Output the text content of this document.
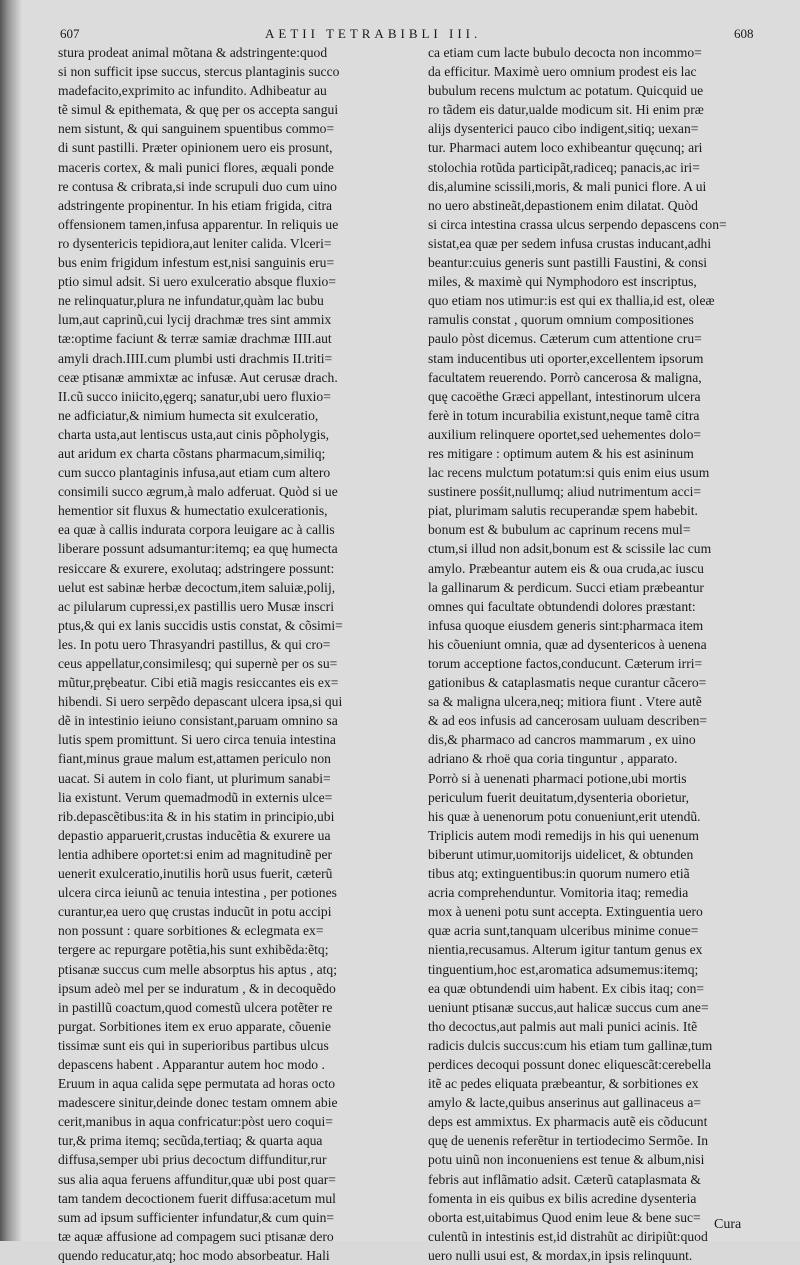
607	AETII TETRABIBLI III.	608
stura prodeat animal mõtana & adstringente:quod
si non sufficit ipse succus, stercus plantaginis succo
madefacito,exprimito ac infundito. Adhibeatur au
tẽ simul & epithemata, & quę per os accepta sangui
nem sistunt, & qui sanguinem spuentibus commo=
di sunt pastilli. Præter opinionem uero eis prosunt,
maceris cortex, & mali punici flores, æquali ponde
re contusa & cribrata,si inde scrupuli duo cum uino
adstringente propinentur. In his etiam frigida, citra
offensionem tamen,infusa apparentur. In reliquis ue
ro dysentericis tepidiora,aut leniter calida. Vlceri=
bus enim frigidum infestum est,nisi sanguinis eru=
ptio simul adsit. Si uero exulceratio absque fluxio=
ne relinquatur,plura ne infundatur,quàm lac bubu
lum,aut caprinũ,cui lycij drachmæ tres sint ammix
tæ:optime faciunt & terræ samiæ drachmæ IIII.aut
amyli drach.IIII.cum plumbi usti drachmis II.triti=
ceæ ptisanæ ammixtæ ac infusæ. Aut cerusæ drach.
II.cũ succo iniicito,ęgerq; sanatur,ubi uero fluxio=
ne adficiatur,& nimium humecta sit exulceratio,
charta usta,aut lentiscus usta,aut cinis põpholygis,
aut aridum ex charta cõstans pharmacum,similiq;
cum succo plantaginis infusa,aut etiam cum altero
consimili succo ægrum,à malo adferuat. Quòd si ue
hementior sit fluxus & humectatio exulcerationis,
ea quæ à callis indurata corpora leuigare ac à callis
liberare possunt adsumantur:itemq; ea quę humecta
resiccare & exurere, exolutaq; adstringere possunt:
uelut est sabinæ herbæ decoctum,item saluiæ,polij,
ac pilularum cupressi,ex pastillis uero Musæ inscri
ptus,& qui ex lanis succidis ustis constat, & cõsimi=
les. In potu uero Thrasyandri pastillus, & qui cro=
ceus appellatur,consimilesq; qui supernè per os su=
mũtur,prębeatur. Cibi etiã magis resiccantes eis ex=
hibendi. Si uero serpẽdo depascant ulcera ipsa,si qui
dẽ in intestinio ieiuno consistant,paruam omnino sa
lutis spem promittunt. Si uero circa tenuia intestina
fiant,minus graue malum est,attamen periculo non
uacat. Si autem in colo fiant, ut plurimum sanabi=
lia existunt. Verum quemadmodũ in externis ulce=
rib.depascẽtibus:ita & in his statim in principio,ubi
depastio apparuerit,crustas inducẽtia & exurere ua
lentia adhibere oportet:si enim ad magnitudinẽ per
uenerit exulceratio,inutilis horũ usus fuerit, cæterũ
ulcera circa ieiunũ ac tenuia intestina , per potiones
curantur,ea uero quę crustas inducũt in potu accipi
non possunt : quare sorbitiones & eclegmata ex=
tergere ac repurgare potẽtia,his sunt exhibẽda:ẽtq;
ptisanæ succus cum melle absorptus his aptus , atq;
ipsum adeò mel per se induratum , & in decoquẽdo
in pastillũ coactum,quod comestũ ulcera potẽter re
purgat. Sorbitiones item ex eruo apparate, cõuenie
tissimæ sunt eis qui in superioribus partibus ulcus
depascens habent . Apparantur autem hoc modo .
Eruum in aqua calida sępe permutata ad horas octo
madescere sinitur,deinde donec testam omnem abie
cerit,manibus in aqua confricatur:pòst uero coqui=
tur,& prima itemq; secũda,tertiaq; & quarta aqua
diffusa,semper ubi prius decoctum diffunditur,rur
sus alia aqua feruens affunditur,quæ ubi post quar=
tam tandem decoctionem fuerit diffusa:acetum mul
sum ad ipsum sufficienter infundatur,& cum quin=
tæ aquæ affusione ad compagem suci ptisanæ dero
quendo reducatur,atq; hoc modo absorbeatur. Hali
ca etiam cum lacte bubulo decocta non incommo=
da efficitur. Maximè uero omnium prodest eis lac
bubulum recens mulctum ac potatum. Quicquid ue
ro tãdem eis datur,ualde modicum sit. Hi enim præ
alijs dysenterici pauco cibo indigent,sitiq; uexan=
tur. Pharmaci autem loco exhibeantur quęcunq; ari
stolochia rotũda participãt,radiceq; panacis,ac iri=
dis,alumine scissili,moris, & mali punici flore. A ui
no uero abstineãt,depastionem enim dilatat. Quòd
si circa intestina crassa ulcus serpendo depascens con=
sistat,ea quæ per sedem infusa crustas inducant,adhi
beantur:cuius generis sunt pastilli Faustini, & consi
miles, & maximè qui Nymphodoro est inscriptus,
quo etiam nos utimur:is est qui ex thallia,id est, oleæ
ramulis constat , quorum omnium compositiones
paulo pòst dicemus. Cæterum cum attentione cru=
stam inducentibus uti oporter,excellentem ipsorum
facultatem reuerendo. Porrò cancerosa & maligna,
quę cacoëthe Græci appellant, intestinorum ulcera
ferè in totum incurabilia existunt,neque tamẽ citra
auxilium relinquere oportet,sed uehementes dolo=
res mitigare : optimum autem & his est asininum
lac recens mulctum potatum:si quis enim eius usum
sustinere posśit,nullumq; aliud nutrimentum acci=
piat, plurimam salutis recuperandæ spem habebit.
bonum est & bubulum ac caprinum recens mul=
ctum,si illud non adsit,bonum est & scissile lac cum
amylo. Præbeantur autem eis & oua cruda,ac iuscu
la gallinarum & perdicum. Succi etiam præbeantur
omnes qui facultate obtundendi dolores præstant:
infusa quoque eiusdem generis sint:pharmaca item
his cõueniunt omnia, quæ ad dysentericos à uenena
torum acceptione factos,conducunt. Cæterum irri=
gationibus & cataplasmatis neque curantur cãcero=
sa & maligna ulcera,neq; mitiora fiunt . Vtere autẽ
& ad eos infusis ad cancerosam uuluam describen=
dis,& pharmaco ad cancros mammarum , ex uino
adriano & rhoë qua coria tinguntur , apparato.
Porrò si à uenenati pharmaci potione,ubi mortis
periculum fuerit deuitatum,dysenteria oborietur,
his quæ à uenenorum potu conueniunt,erit utendũ.
Triplicis autem modi remedijs in his qui uenenum
biberunt utimur,uomitorijs uidelicet, & obtunden
tibus atq; extinguentibus:in quorum numero etiã
acria comprehenduntur. Vomitoria itaq; remedia
mox à ueneni potu sunt accepta. Extinguentia uero
quæ acria sunt,tanquam ulceribus minime conue=
nientia,recusamus. Alterum igitur tantum genus ex
tinguentium,hoc est,aromatica adsumemus:itemq;
ea quæ obtundendi uim habent. Ex cibis itaq; con=
ueniunt ptisanæ succus,aut halicæ succus cum ane=
tho decoctus,aut palmis aut mali punici acinis. Itẽ
radicis dulcis succus:cum his etiam tum gallinæ,tum
perdices decoqui possunt donec eliquescãt:cerebella
itẽ ac pedes eliquata præbeantur, & sorbitiones ex
amylo & lacte,quibus anserinus aut gallinaceus a=
deps est ammixtus. Ex pharmacis autẽ eis cõducunt
quę de uenenis referẽtur in tertiodecimo Sermõe. In
potu uinũ non inconueniens est tenue & album,nisi
febris aut inflãmatio adsit. Cæterũ cataplasmata &
fomenta in eis quibus ex bilis acredine dysenteria
oborta est,uitabimus Quod enim leue & bene suc=
culentũ in intestinis est,id distrahũt ac diripiũt:quod
uero nulli usui est, & mordax,in ipsis relinquunt.
Cura
